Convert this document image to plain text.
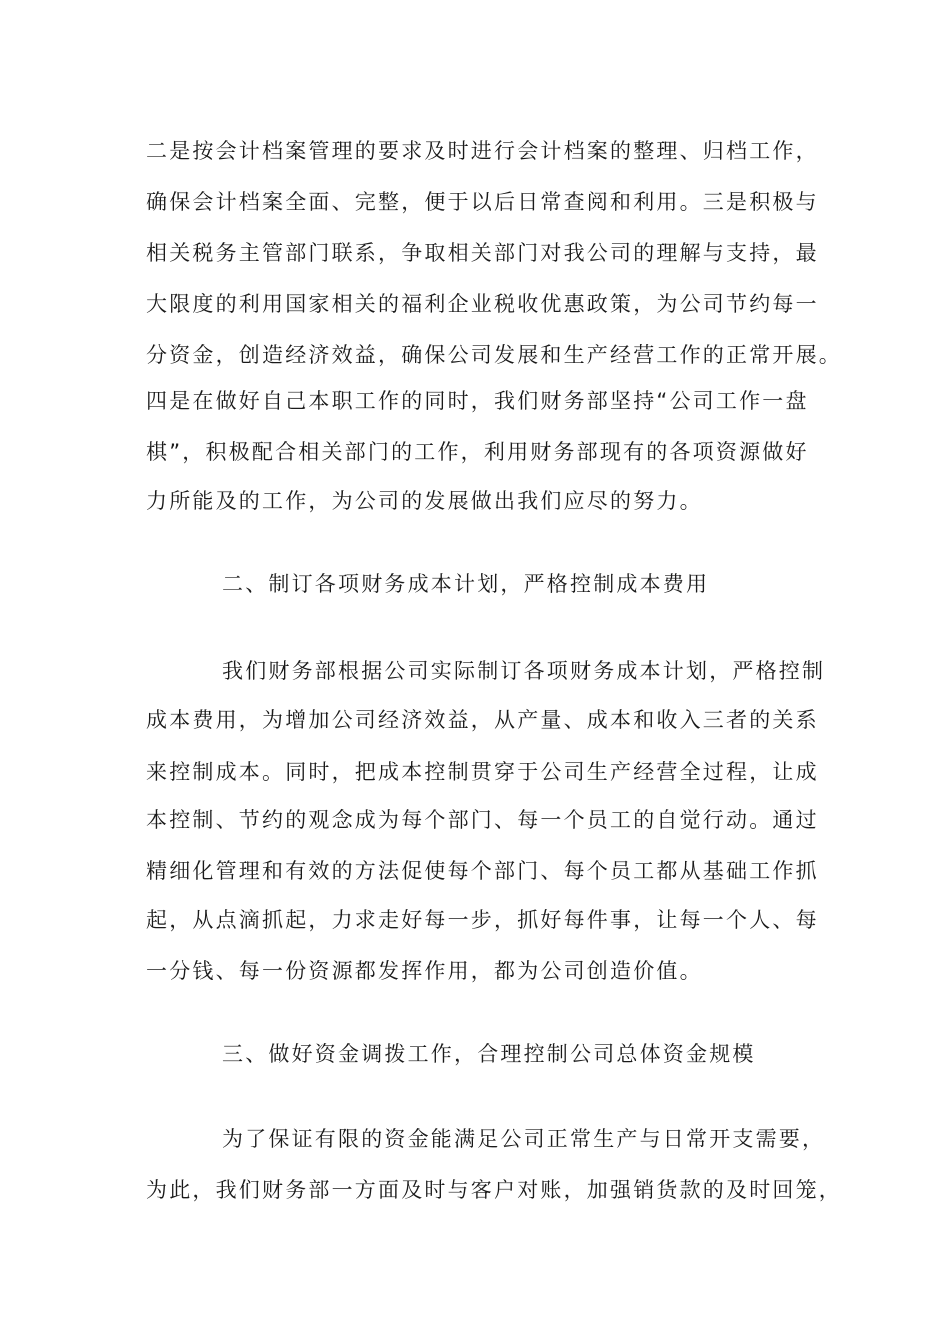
二是按会计档案管理的要求及时进行会计档案的整理、归档工作，
确保会计档案全面、完整，便于以后日常查阅和利用。三是积极与
相关税务主管部门联系，争取相关部门对我公司的理解与支持，最
大限度的利用国家相关的福利企业税收优惠政策，为公司节约每一
分资金，创造经济效益，确保公司发展和生产经营工作的正常开展。
四是在做好自己本职工作的同时，我们财务部坚持“公司工作一盘
棋”，积极配合相关部门的工作，利用财务部现有的各项资源做好
力所能及的工作，为公司的发展做出我们应尽的努力。
二、制订各项财务成本计划，严格控制成本费用
我们财务部根据公司实际制订各项财务成本计划，严格控制
成本费用，为增加公司经济效益，从产量、成本和收入三者的关系
来控制成本。同时，把成本控制贯穿于公司生产经营全过程，让成
本控制、节约的观念成为每个部门、每一个员工的自觉行动。通过
精细化管理和有效的方法促使每个部门、每个员工都从基础工作抓
起，从点滴抓起，力求走好每一步，抓好每件事，让每一个人、每
一分钱、每一份资源都发挥作用，都为公司创造价值。
三、做好资金调拨工作，合理控制公司总体资金规模
为了保证有限的资金能满足公司正常生产与日常开支需要，
为此，我们财务部一方面及时与客户对账，加强销货款的及时回笼，
